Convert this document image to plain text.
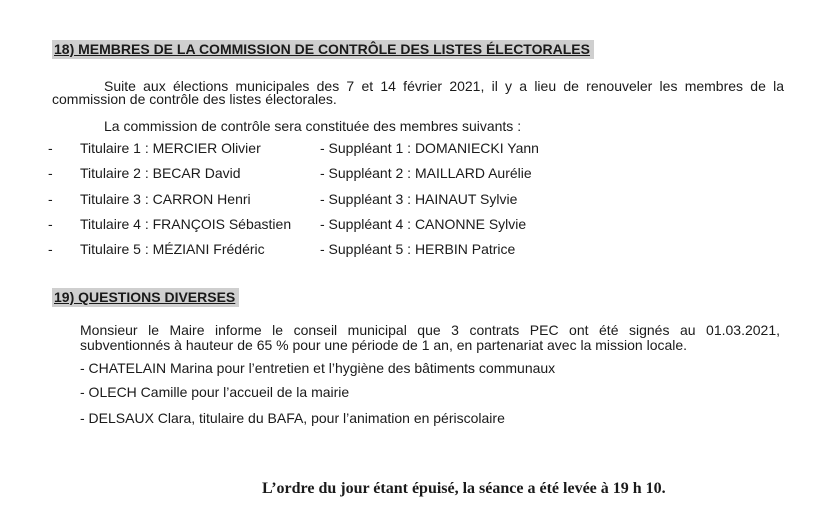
18) MEMBRES DE LA COMMISSION DE CONTRÔLE DES LISTES ÉLECTORALES
Suite aux élections municipales des 7 et 14 février 2021, il y a lieu de renouveler les membres de la
commission de contrôle des listes électorales.
La commission de contrôle sera constituée des membres suivants :
- Titulaire 1 : MERCIER Olivier	- Suppléant 1 : DOMANIECKI Yann
- Titulaire 2 : BECAR David	- Suppléant 2 : MAILLARD Aurélie
- Titulaire 3 : CARRON Henri	- Suppléant 3 : HAINAUT Sylvie
- Titulaire 4 : FRANÇOIS Sébastien - Suppléant 4 : CANONNE Sylvie
- Titulaire 5 : MÉZIANI Frédéric	- Suppléant 5 : HERBIN Patrice
19) QUESTIONS DIVERSES
Monsieur le Maire informe le conseil municipal que 3 contrats PEC ont été signés au 01.03.2021,
subventionnés à hauteur de 65 % pour une période de 1 an, en partenariat avec la mission locale.
- CHATELAIN Marina pour l’entretien et l’hygiène des bâtiments communaux
- OLECH Camille pour l’accueil de la mairie
- DELSAUX Clara, titulaire du BAFA, pour l’animation en périscolaire
L’ordre du jour étant épuisé, la séance a été levée à 19 h 10.
